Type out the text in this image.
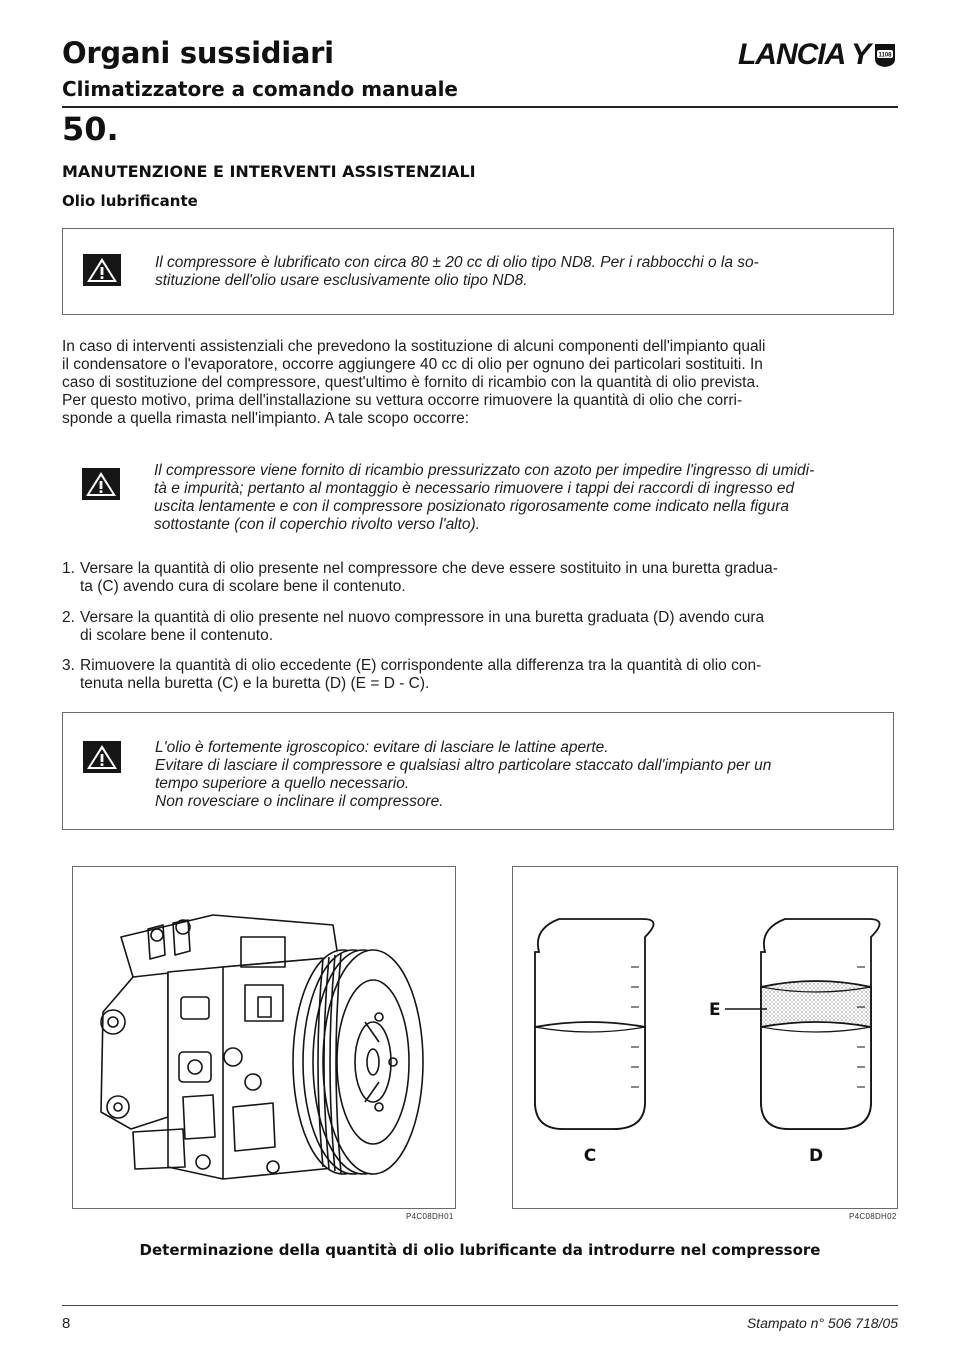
Organi sussidiari
Climatizzatore a comando manuale
LANCIA Y 1108
50.
MANUTENZIONE E INTERVENTI ASSISTENZIALI
Olio lubrificante
Il compressore è lubrificato con circa 80 ± 20 cc di olio tipo ND8. Per i rabbocchi o la so-
stituzione dell'olio usare esclusivamente olio tipo ND8.
In caso di interventi assistenziali che prevedono la sostituzione di alcuni componenti dell'impianto quali
il condensatore o l'evaporatore, occorre aggiungere 40 cc di olio per ognuno dei particolari sostituiti. In
caso di sostituzione del compressore, quest'ultimo è fornito di ricambio con la quantità di olio prevista.
Per questo motivo, prima dell'installazione su vettura occorre rimuovere la quantità di olio che corri-
sponde a quella rimasta nell'impianto. A tale scopo occorre:
Il compressore viene fornito di ricambio pressurizzato con azoto per impedire l'ingresso di umidi-
tà e impurità; pertanto al montaggio è necessario rimuovere i tappi dei raccordi di ingresso ed
uscita lentamente e con il compressore posizionato rigorosamente come indicato nella figura
sottostante (con il coperchio rivolto verso l'alto).
1. Versare la quantità di olio presente nel compressore che deve essere sostituito in una buretta gradua-
ta (C) avendo cura di scolare bene il contenuto.
2. Versare la quantità di olio presente nel nuovo compressore in una buretta graduata (D) avendo cura
di scolare bene il contenuto.
3. Rimuovere la quantità di olio eccedente (E) corrispondente alla differenza tra la quantità di olio con-
tenuta nella buretta (C) e la buretta (D) (E = D - C).
L'olio è fortemente igroscopico: evitare di lasciare le lattine aperte.
Evitare di lasciare il compressore e qualsiasi altro particolare staccato dall'impianto per un
tempo superiore a quello necessario.
Non rovesciare o inclinare il compressore.
P4C08DH01
E
C	D
P4C08DH02
Determinazione della quantità di olio lubrificante da introdurre nel compressore
8	Stampato n° 506 718/05
